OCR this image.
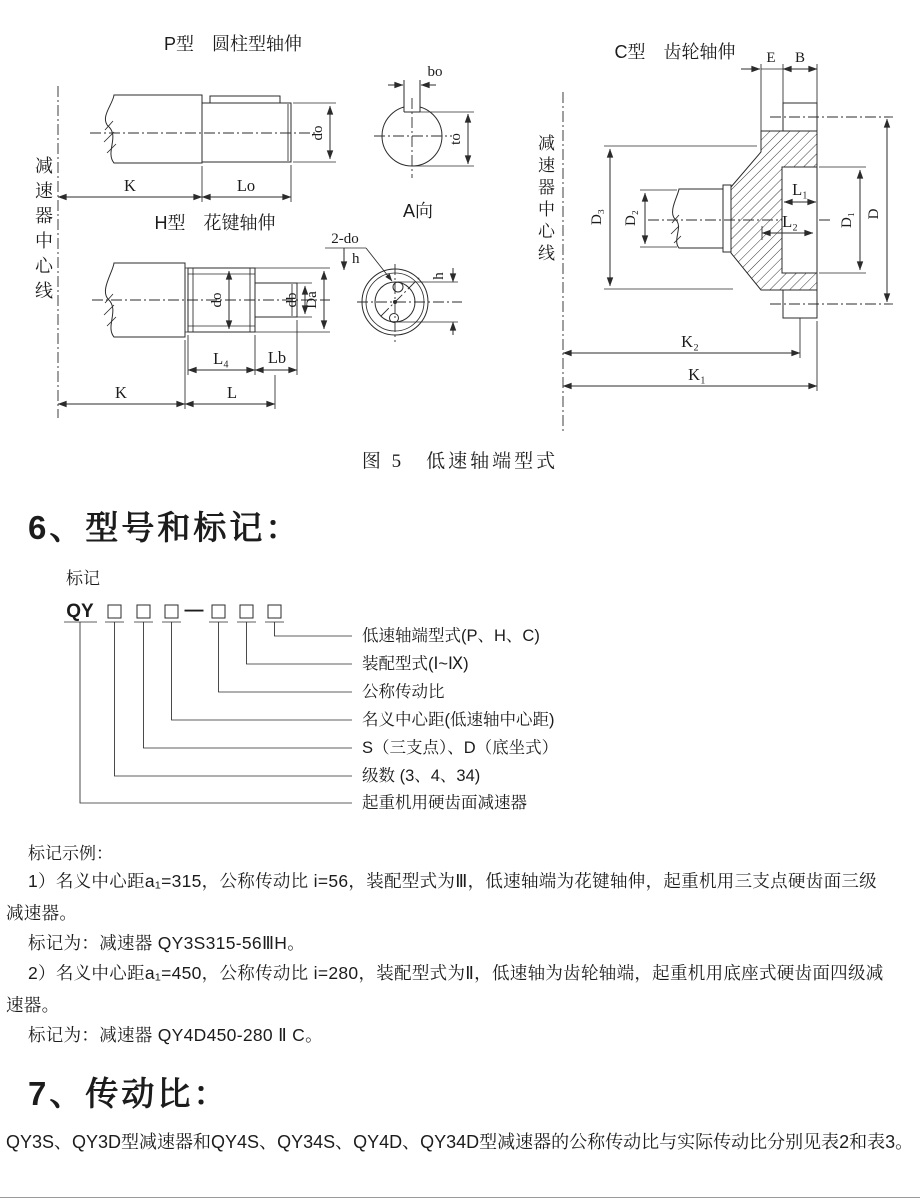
P型　圆柱型轴伸
do
K	Lo
bo
to
A向
H型　花键轴伸
2-do
h
do	db Da
L₄ Lb
K	L
h
C型　齿轮轴伸 E B
D₃ D₂
L₁
L₂	D₁ D
K₂
K₁
减速器中心线	减速器中心线
图 5　低速轴端型式
6、型号和标记：
标记
QY	—
低速轴端型式(P、H、C)
装配型式(Ⅰ~Ⅸ)
公称传动比
名义中心距(低速轴中心距)
S（三支点）、D（底坐式）
级数 (3、4、34)
起重机用硬齿面减速器
标记示例：
1）名义中心距a₁=315，公称传动比 i=56，装配型式为Ⅲ，低速轴端为花键轴伸，起重机用三支点硬齿面三级
减速器。
标记为：减速器 QY3S315-56ⅢH。
2）名义中心距a₁=450，公称传动比 i=280，装配型式为Ⅱ，低速轴为齿轮轴端，起重机用底座式硬齿面四级减
速器。
标记为：减速器 QY4D450-280 Ⅱ C。
7、传动比：
QY3S、QY3D型减速器和QY4S、QY34S、QY4D、QY34D型减速器的公称传动比与实际传动比分别见表2和表3。
